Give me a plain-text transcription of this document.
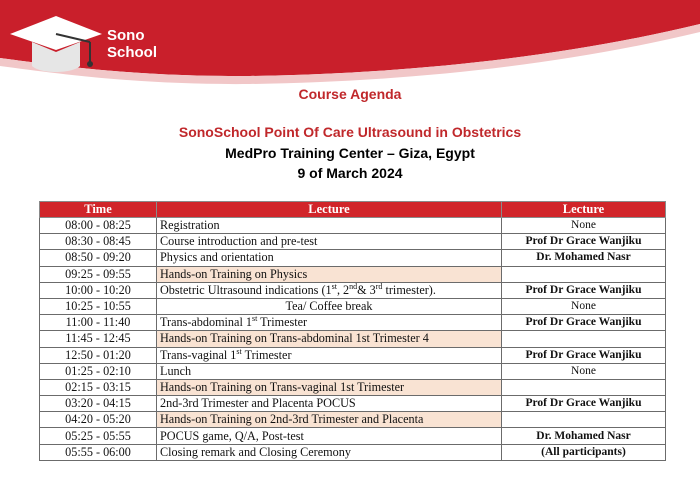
Sono
School
Course Agenda
SonoSchool Point Of Care Ultrasound in Obstetrics
MedPro Training Center – Giza, Egypt
9 of March 2024
Time	Lecture	Lecture
08:00 - 08:25	Registration	None
08:30 - 08:45	Course introduction and pre-test	Prof Dr Grace Wanjiku
08:50 - 09:20	Physics and orientation	Dr. Mohamed Nasr
09:25 - 09:55	Hands-on Training on Physics	
10:00 - 10:20	Obstetric Ultrasound indications (1st, 2nd& 3rd trimester).	Prof Dr Grace Wanjiku
10:25 - 10:55	Tea/ Coffee break	None
11:00 - 11:40	Trans-abdominal 1st Trimester	Prof Dr Grace Wanjiku
11:45 - 12:45	Hands-on Training on Trans-abdominal 1st Trimester 4	
12:50 - 01:20	Trans-vaginal 1st Trimester	Prof Dr Grace Wanjiku
01:25 - 02:10	Lunch	None
02:15 - 03:15	Hands-on Training on Trans-vaginal 1st Trimester	
03:20 - 04:15	2nd-3rd Trimester and Placenta POCUS	Prof Dr Grace Wanjiku
04:20 - 05:20	Hands-on Training on 2nd-3rd Trimester and Placenta	
05:25 - 05:55	POCUS game, Q/A, Post-test	Dr. Mohamed Nasr
05:55 - 06:00	Closing remark and Closing Ceremony	(All participants)
